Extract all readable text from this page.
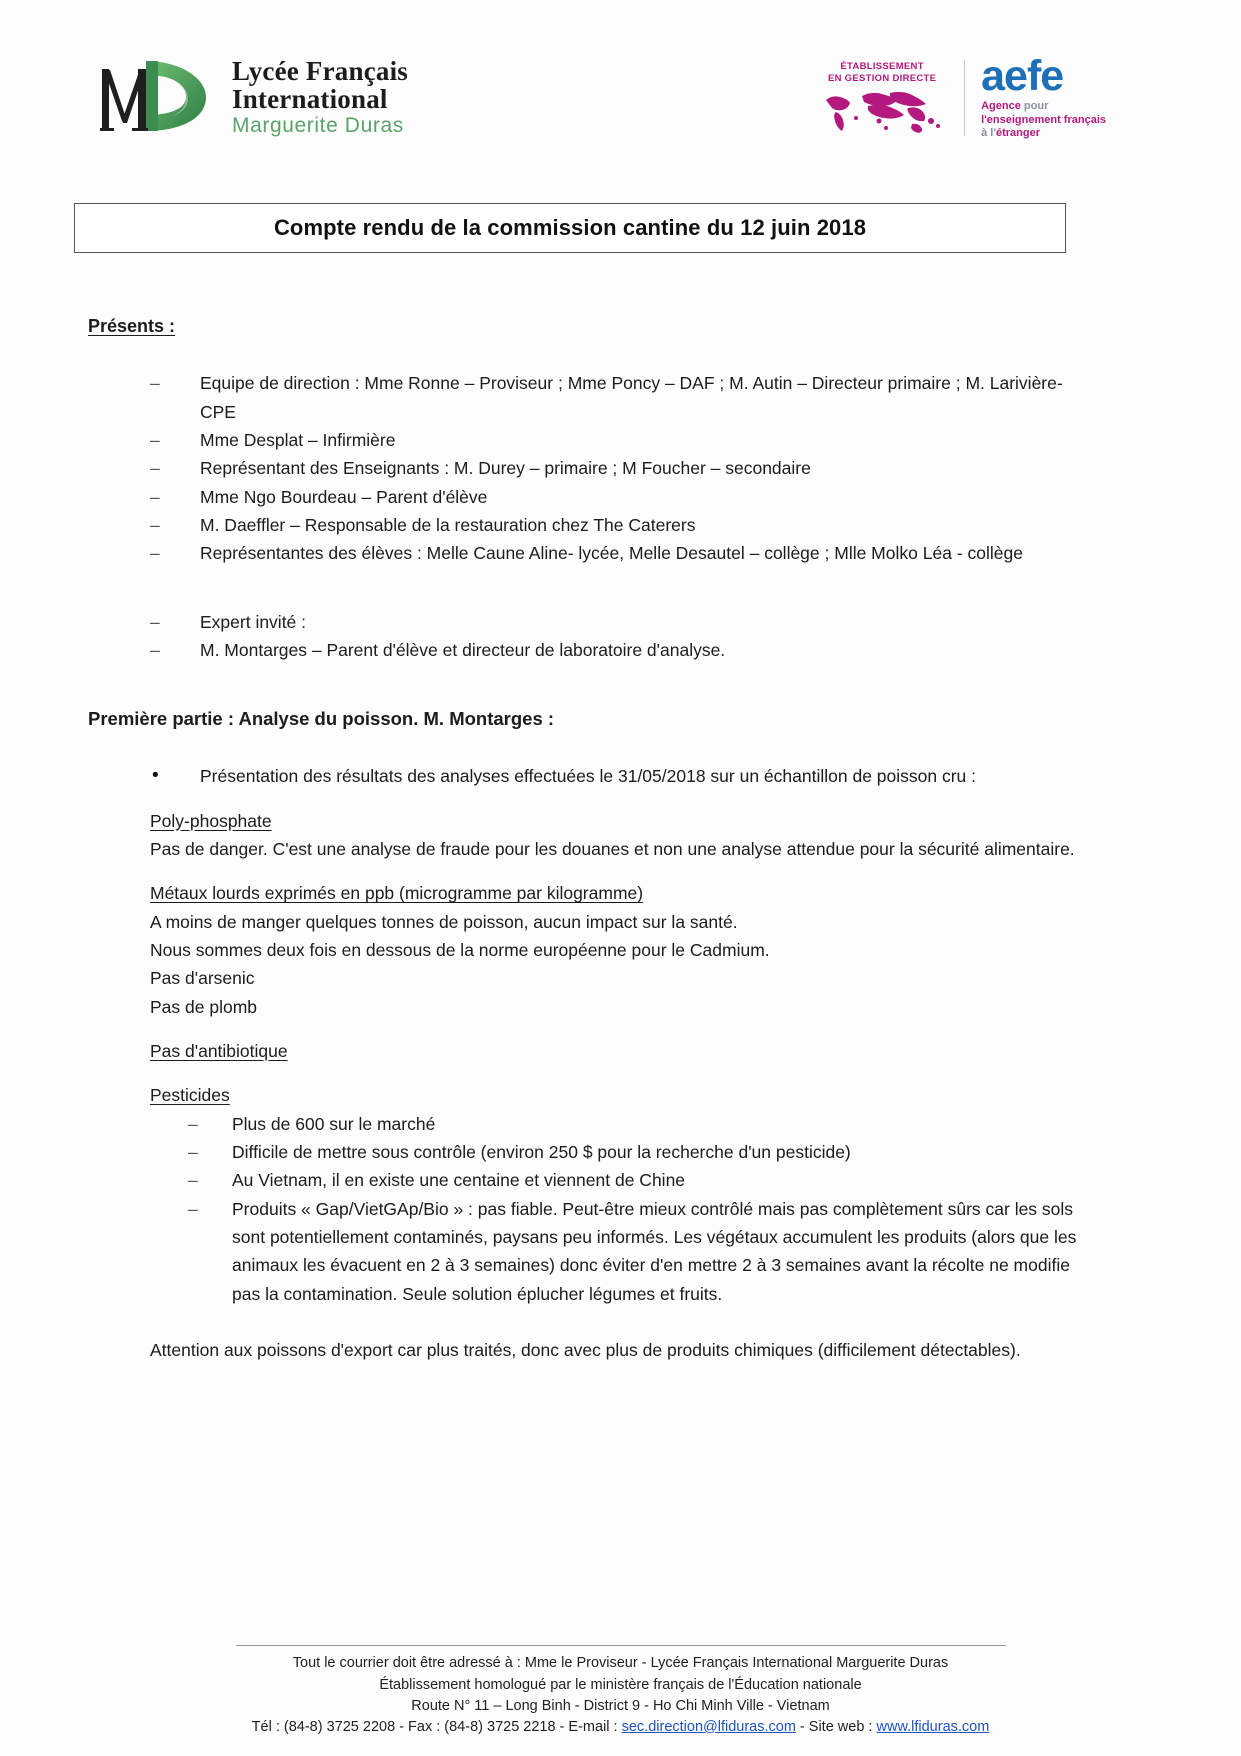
Lycée Français
International
Marguerite Duras
ÉTABLISSEMENT
EN GESTION DIRECTE aefe
Agence pour
l'enseignement français
à l'étranger
Compte rendu de la commission cantine du 12 juin 2018
Présents :
– Equipe de direction : Mme Ronne – Proviseur ; Mme Poncy – DAF ; M. Autin – Directeur primaire ; M. Larivière- CPE
– Mme Desplat – Infirmière
– Représentant des Enseignants : M. Durey – primaire ; M Foucher – secondaire
– Mme Ngo Bourdeau – Parent d'élève
– M. Daeffler – Responsable de la restauration chez The Caterers
– Représentantes des élèves : Melle Caune Aline- lycée, Melle Desautel – collège ; Mlle Molko Léa - collège
– Expert invité :
– M. Montarges – Parent d'élève et directeur de laboratoire d'analyse.
Première partie : Analyse du poisson. M. Montarges :
• Présentation des résultats des analyses effectuées le 31/05/2018 sur un échantillon de poisson cru :
Poly-phosphate
Pas de danger. C'est une analyse de fraude pour les douanes et non une analyse attendue pour la sécurité alimentaire.
Métaux lourds exprimés en ppb (microgramme par kilogramme)
A moins de manger quelques tonnes de poisson, aucun impact sur la santé.
Nous sommes deux fois en dessous de la norme européenne pour le Cadmium.
Pas d'arsenic
Pas de plomb
Pas d'antibiotique
Pesticides
– Plus de 600 sur le marché
– Difficile de mettre sous contrôle (environ 250 $ pour la recherche d'un pesticide)
– Au Vietnam, il en existe une centaine et viennent de Chine
– Produits « Gap/VietGAp/Bio » : pas fiable. Peut-être mieux contrôlé mais pas complètement sûrs car les sols sont potentiellement contaminés, paysans peu informés. Les végétaux accumulent les produits (alors que les animaux les évacuent en 2 à 3 semaines) donc éviter d'en mettre 2 à 3 semaines avant la récolte ne modifie pas la contamination. Seule solution éplucher légumes et fruits.
Attention aux poissons d'export car plus traités, donc avec plus de produits chimiques (difficilement détectables).
Tout le courrier doit être adressé à : Mme le Proviseur - Lycée Français International Marguerite Duras
Établissement homologué par le ministère français de l'Éducation nationale
Route N° 11 – Long Binh - District 9 - Ho Chi Minh Ville - Vietnam
Tél : (84-8) 3725 2208 - Fax : (84-8) 3725 2218 - E-mail : sec.direction@lfiduras.com - Site web : www.lfiduras.com
